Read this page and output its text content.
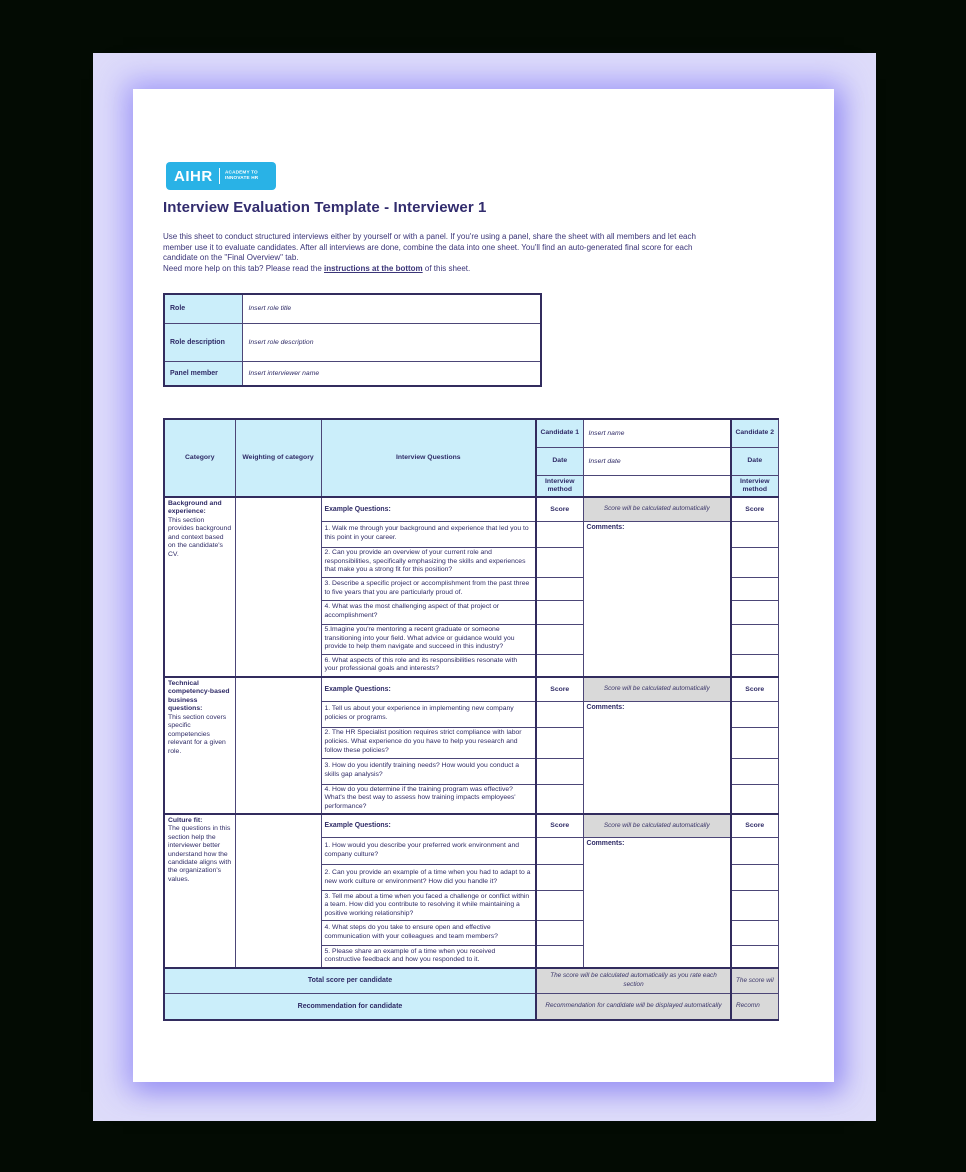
AIHR ACADEMY TO
INNOVATE HR
Interview Evaluation Template - Interviewer 1
Use this sheet to conduct structured interviews either by yourself or with a panel. If you're using a panel, share the sheet with all members and let each member use it to evaluate candidates. After all interviews are done, combine the data into one sheet. You'll find an auto-generated final score for each candidate on the "Final Overview" tab.
Need more help on this tab? Please read the instructions at the bottom of this sheet.
Role	Insert role title
Role description	Insert role description
Panel member	Insert interviewer name
Category	Weighting of category	Interview Questions	Candidate 1	Insert name	Candidate 2
			Date	Insert date	Date
			Interview method		Interview method
Background and experience:
This section provides background and context based on the candidate's CV.		Example Questions:	Score	Score will be calculated automatically	Score
		1. Walk me through your background and experience that led you to this point in your career.		Comments:	
		2. Can you provide an overview of your current role and responsibilities, specifically emphasizing the skills and experiences that make you a strong fit for this position?			
		3. Describe a specific project or accomplishment from the past three to five years that you are particularly proud of.			
		4. What was the most challenging aspect of that project or accomplishment?			
		5.Imagine you're mentoring a recent graduate or someone transitioning into your field. What advice or guidance would you provide to help them navigate and succeed in this industry?			
		6. What aspects of this role and its responsibilities resonate with your professional goals and interests?			
Technical competency-based business questions:
This section covers specific competencies relevant for a given role.		Example Questions:	Score	Score will be calculated automatically	Score
		1. Tell us about your experience in implementing new company policies or programs.		Comments:	
		2. The HR Specialist position requires strict compliance with labor policies. What experience do you have to help you research and follow these policies?			
		3. How do you identify training needs? How would you conduct a skills gap analysis?			
		4. How do you determine if the training program was effective? What's the best way to assess how training impacts employees' performance?			
Culture fit:
The questions in this section help the interviewer better understand how the candidate aligns with the organization's values.		Example Questions:	Score	Score will be calculated automatically	Score
		1. How would you describe your preferred work environment and company culture?		Comments:	
		2. Can you provide an example of a time when you had to adapt to a new work culture or environment? How did you handle it?			
		3. Tell me about a time when you faced a challenge or conflict within a team. How did you contribute to resolving it while maintaining a positive working relationship?			
		4. What steps do you take to ensure open and effective communication with your colleagues and team members?			
		5. Please share an example of a time when you received constructive feedback and how you responded to it.			
Total score per candidate			The score will be calculated automatically as you rate each section		The score wil
Recommendation for candidate			Recommendation for candidate will be displayed automatically		Recomn
